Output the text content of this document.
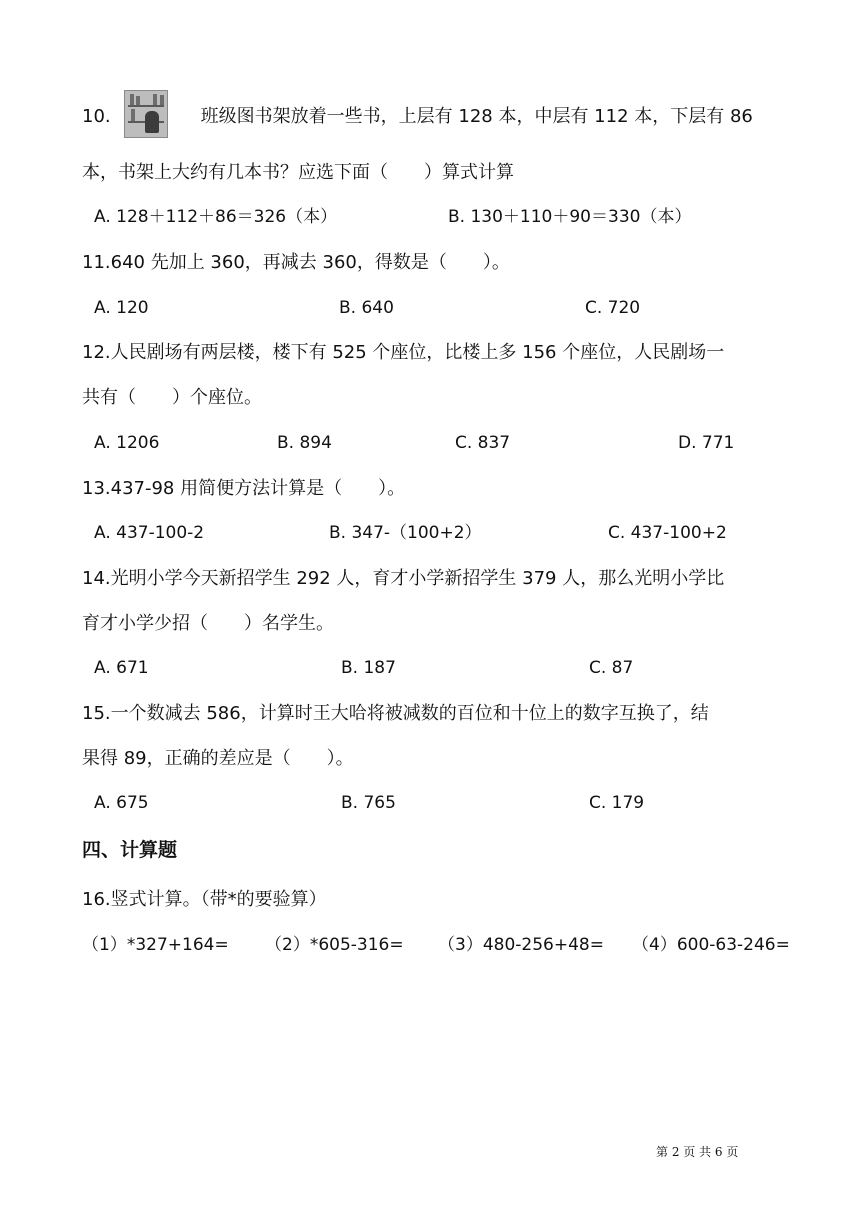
10.	班级图书架放着一些书，上层有 128 本，中层有 112 本，下层有 86
本，书架上大约有几本书？应选下面（　　）算式计算
A. 128＋112＋86＝326（本）	B. 130＋110＋90＝330（本）
11.640 先加上 360，再减去 360，得数是（　　）。
A. 120	B. 640	C. 720
12.人民剧场有两层楼，楼下有 525 个座位，比楼上多 156 个座位，人民剧场一
共有（　　）个座位。
A. 1206	B. 894	C. 837	D. 771
13.437-98 用简便方法计算是（　　）。
A. 437-100-2	B. 347-（100+2）	C. 437-100+2
14.光明小学今天新招学生 292 人，育才小学新招学生 379 人，那么光明小学比
育才小学少招（　　）名学生。
A. 671	B. 187	C. 87
15.一个数减去 586，计算时王大哈将被减数的百位和十位上的数字互换了，结
果得 89，正确的差应是（　　）。
A. 675	B. 765	C. 179
四、计算题
16.竖式计算。（带*的要验算）
（1）*327+164= （2）*605-316= （3）480-256+48= （4）600-63-246=
第 2 页 共 6 页
